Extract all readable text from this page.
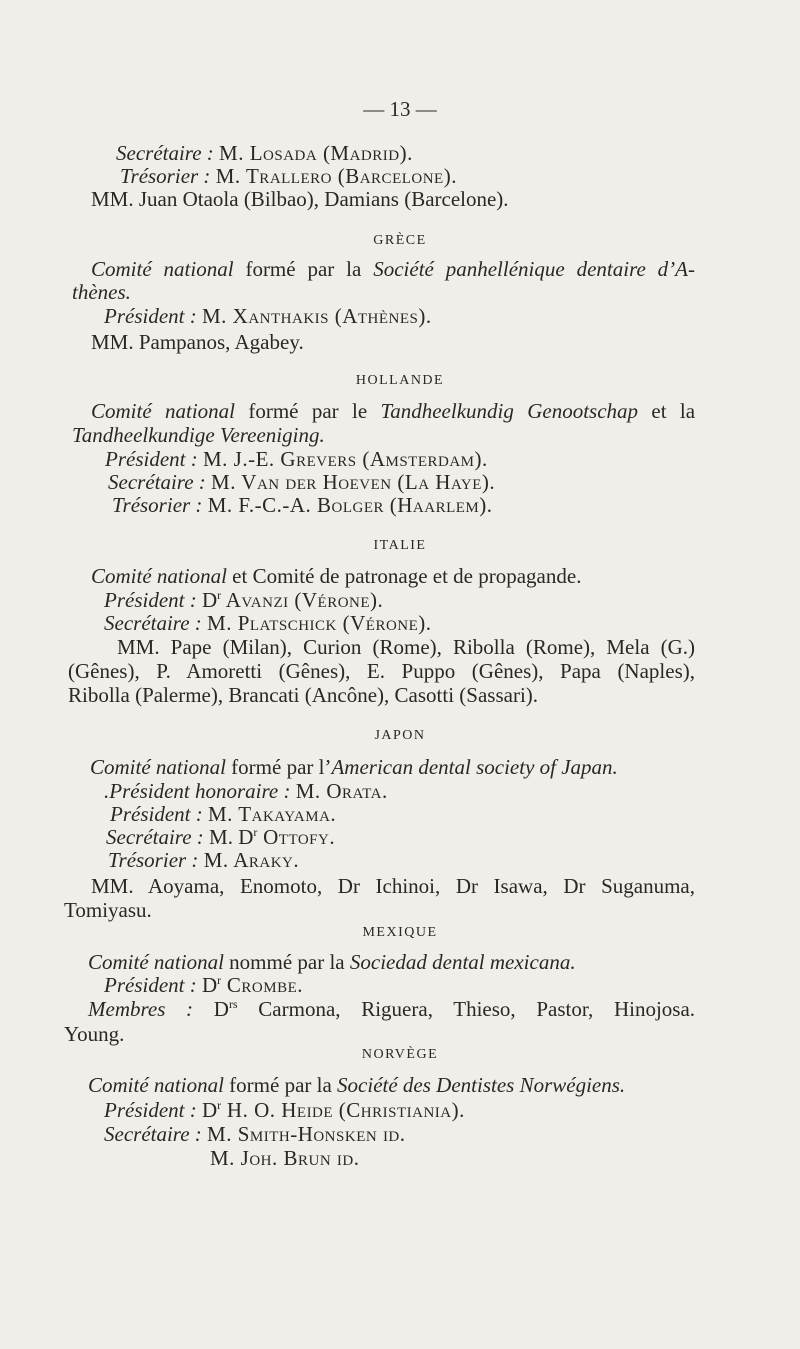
— 13 —
Secrétaire : M. Losada (Madrid).
Trésorier : M. Trallero (Barcelone).
MM. Juan Otaola (Bilbao), Damians (Barcelone).
GRÈCE
Comité national formé par la Société panhellénique dentaire d’A-
thènes.
Président : M. Xanthakis (Athènes).
MM. Pampanos, Agabey.
HOLLANDE
Comité national formé par le Tandheelkundig Genootschap et la
Tandheelkundige Vereeniging.
Président : M. J.-E. Grevers (Amsterdam).
Secrétaire : M. Van der Hoeven (La Haye).
Trésorier : M. F.-C.-A. Bolger (Haarlem).
ITALIE
Comité national et Comité de patronage et de propagande.
Président : $D^r$ Avanzi (Vérone).
Secrétaire : M. Platschick (Vérone).
MM. Pape (Milan), Curion (Rome), Ribolla (Rome), Mela (G.)
(Gênes), P. Amoretti (Gênes), E. Puppo (Gênes), Papa (Naples),
Ribolla (Palerme), Brancati (Ancône), Casotti (Sassari).
JAPON
Comité national formé par l’American dental society of Japan.
.Président honoraire : M. Orata.
Président : M. Takayama.
Secrétaire : M. $D^r$ Ottofy.
Trésorier : M. Araky.
MM. Aoyama, Enomoto, Dr Ichinoi, Dr Isawa, Dr Suganuma,
Tomiyasu.
MEXIQUE
Comité national nommé par la Sociedad dental mexicana.
Président : $D^r$ Crombe.
Membres : $D^{rs}$ Carmona, Riguera, Thieso, Pastor, Hinojosa.
Young.
NORVÈGE
Comité national formé par la Société des Dentistes Norwégiens.
Président : $D^r$ H. O. Heide (Christiania).
Secrétaire : M. Smith-Honsken id.
M. Joh. Brun id.
